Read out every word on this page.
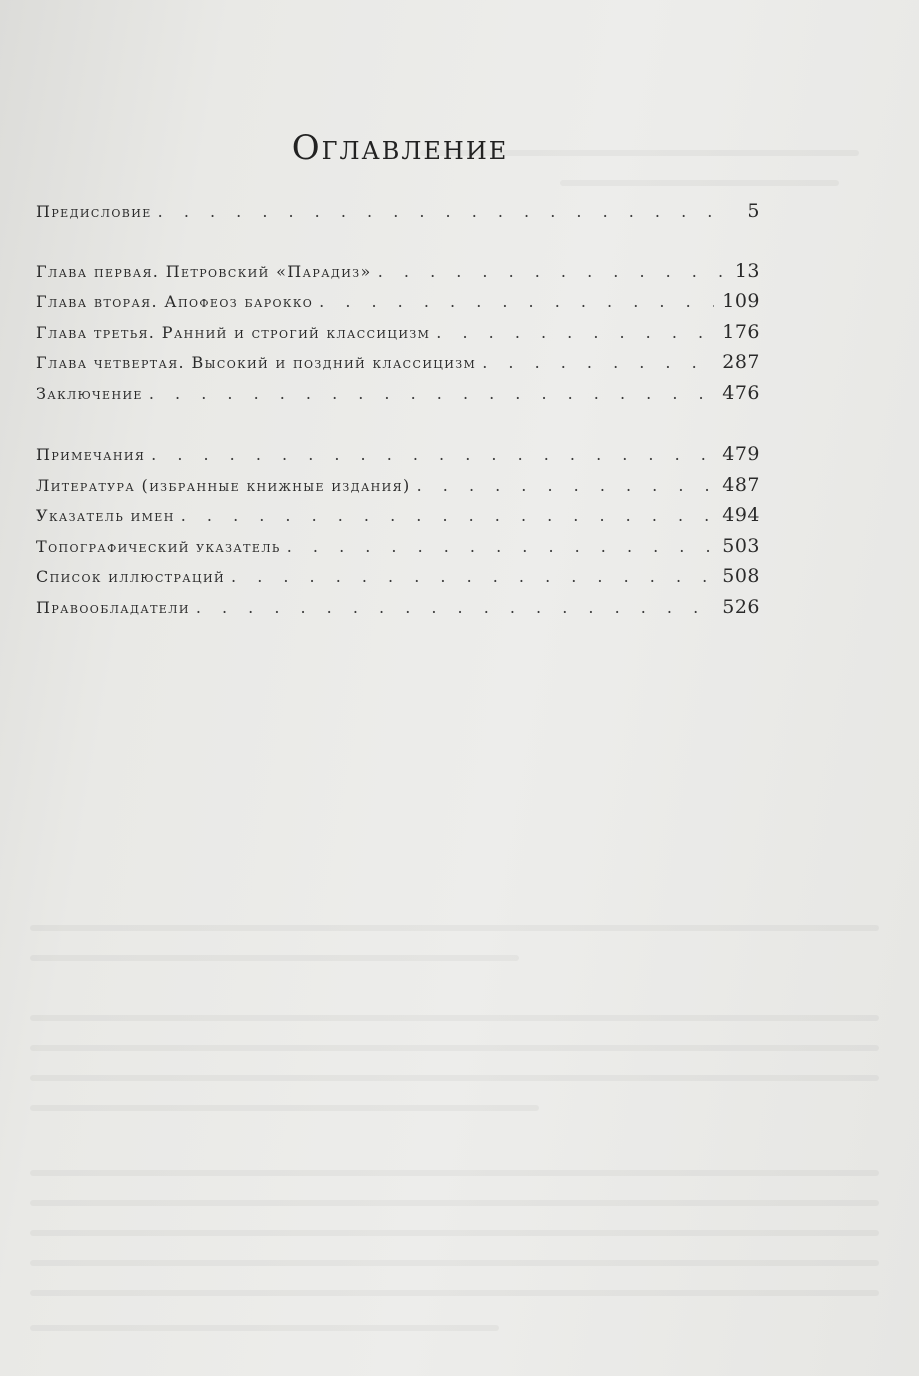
Оглавление
Предисловие . . .	5
Глава первая. Петровский «Парадиз» . . .	13
Глава вторая. Апофеоз барокко . . .	109
Глава третья. Ранний и строгий классицизм . . .	176
Глава четвертая. Высокий и поздний классицизм . . .	287
Заключение . . .	476
Примечания . . .	479
Литература (избранные книжные издания) . . .	487
Указатель имен . . .	494
Топографический указатель . . .	503
Список иллюстраций . . .	508
Правообладатели . . .	526
